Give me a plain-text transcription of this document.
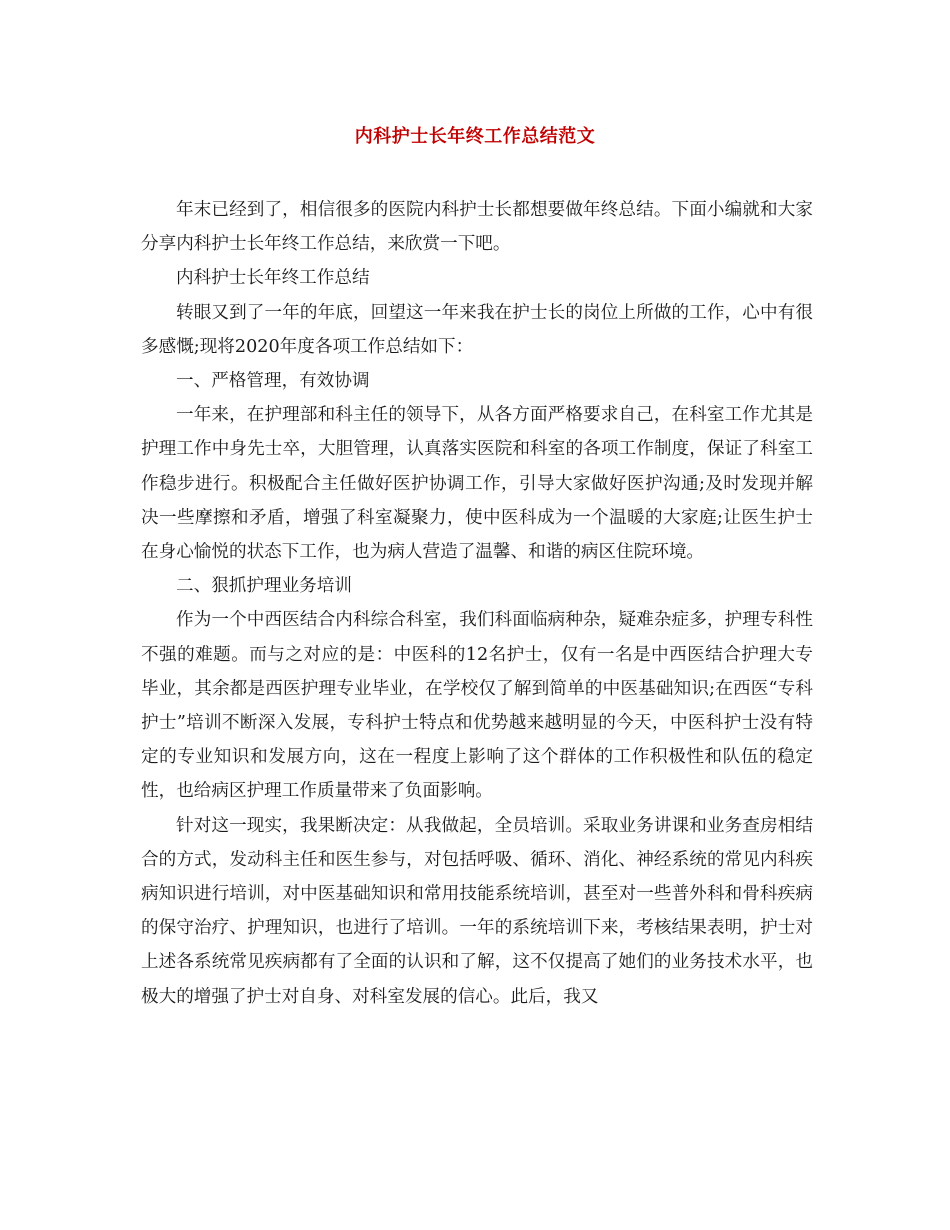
内科护士长年终工作总结范文

年末已经到了，相信很多的医院内科护士长都想要做年终总结。下面小编就和大家分享内科护士长年终工作总结，来欣赏一下吧。

内科护士长年终工作总结

转眼又到了一年的年底，回望这一年来我在护士长的岗位上所做的工作，心中有很多感慨;现将2020年度各项工作总结如下：

一、严格管理，有效协调

一年来，在护理部和科主任的领导下，从各方面严格要求自己，在科室工作尤其是护理工作中身先士卒，大胆管理，认真落实医院和科室的各项工作制度，保证了科室工作稳步进行。积极配合主任做好医护协调工作，引导大家做好医护沟通;及时发现并解决一些摩擦和矛盾，增强了科室凝聚力，使中医科成为一个温暖的大家庭;让医生护士在身心愉悦的状态下工作，也为病人营造了温馨、和谐的病区住院环境。

二、狠抓护理业务培训

作为一个中西医结合内科综合科室，我们科面临病种杂，疑难杂症多，护理专科性不强的难题。而与之对应的是：中医科的12名护士，仅有一名是中西医结合护理大专毕业，其余都是西医护理专业毕业，在学校仅了解到简单的中医基础知识;在西医“专科护士”培训不断深入发展，专科护士特点和优势越来越明显的今天，中医科护士没有特定的专业知识和发展方向，这在一程度上影响了这个群体的工作积极性和队伍的稳定性，也给病区护理工作质量带来了负面影响。

针对这一现实，我果断决定：从我做起，全员培训。采取业务讲课和业务查房相结合的方式，发动科主任和医生参与，对包括呼吸、循环、消化、神经系统的常见内科疾病知识进行培训，对中医基础知识和常用技能系统培训，甚至对一些普外科和骨科疾病的保守治疗、护理知识，也进行了培训。一年的系统培训下来，考核结果表明，护士对上述各系统常见疾病都有了全面的认识和了解，这不仅提高了她们的业务技术水平，也极大的增强了护士对自身、对科室发展的信心。此后，我又
